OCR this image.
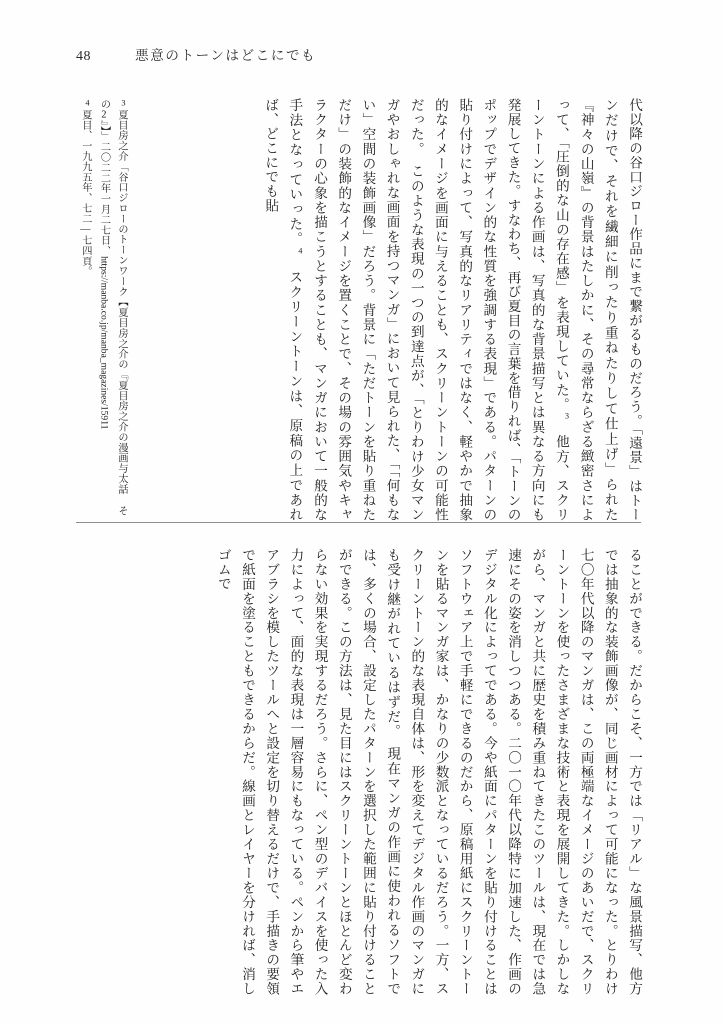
48	悪意のトーンはどこにでも
代以降の谷口ジロー作品にまで繋がるものだろう。「遠景」はトーンだけで、それを繊細に削ったり重ねたりして仕上げ」られた『神々の山嶺』の背景はたしかに、その尋常ならざる緻密さによって、「圧倒的な山の存在感」を表現していた。$^3$　他方、スクリーントーンによる作画は、写真的な背景描写とは異なる方向にも発展してきた。すなわち、再び夏目の言葉を借りれば、「トーンのポップでデザイン的な性質を強調する表現」である。パターンの貼り付けによって、写真的なリアリティではなく、軽やかで抽象的なイメージを画面に与えることも、スクリーントーンの可能性だった。　このような表現の一つの到達点が、「とりわけ少女マンガやおしゃれな画面を持つマンガ」において見られた、「「何もない」空間の装飾画像」だろう。背景に「ただトーンを貼り重ねただけ」の装飾的なイメージを置くことで、その場の雰囲気やキャラクターの心象を描こうとすることも、マンガにおいて一般的な手法となっていった。$^4$　スクリーントーンは、原稿の上であれば、どこにでも貼
$^3$夏目房之介「谷口ジローのトーンワーク【夏目房之介の『夏目房之介の漫画与太話 その2』】」二〇二二年一月二七日、https://manba.co.jp/manba_magazines/15911
$^4$夏目、一九九五年、七二―七四頁。
ることができる。だからこそ、一方では「リアル」な風景描写、他方では抽象的な装飾画像が、同じ画材によって可能になった。とりわけ七〇年代以降のマンガは、この両極端なイメージのあいだで、スクリーントーンを使ったさまざまな技術と表現を展開してきた。しかしながら、マンガと共に歴史を積み重ねてきたこのツールは、現在では急速にその姿を消しつつある。二〇一〇年代以降特に加速した、作画のデジタル化によってである。今や紙面にパターンを貼り付けることはソフトウェア上で手軽にできるのだから、原稿用紙にスクリーントーンを貼るマンガ家は、かなりの少数派となっているだろう。一方、スクリーントーン的な表現自体は、形を変えてデジタル作画のマンガにも受け継がれているはずだ。　現在マンガの作画に使われるソフトでは、多くの場合、設定したパターンを選択した範囲に貼り付けることができる。この方法は、見た目にはスクリーントーンとほとんど変わらない効果を実現するだろう。さらに、ペン型のデバイスを使った入力によって、面的な表現は一層容易にもなっている。ペンから筆やエアブラシを模したツールへと設定を切り替えるだけで、手描きの要領で紙面を塗ることもできるからだ。線画とレイヤーを分ければ、消しゴムで
